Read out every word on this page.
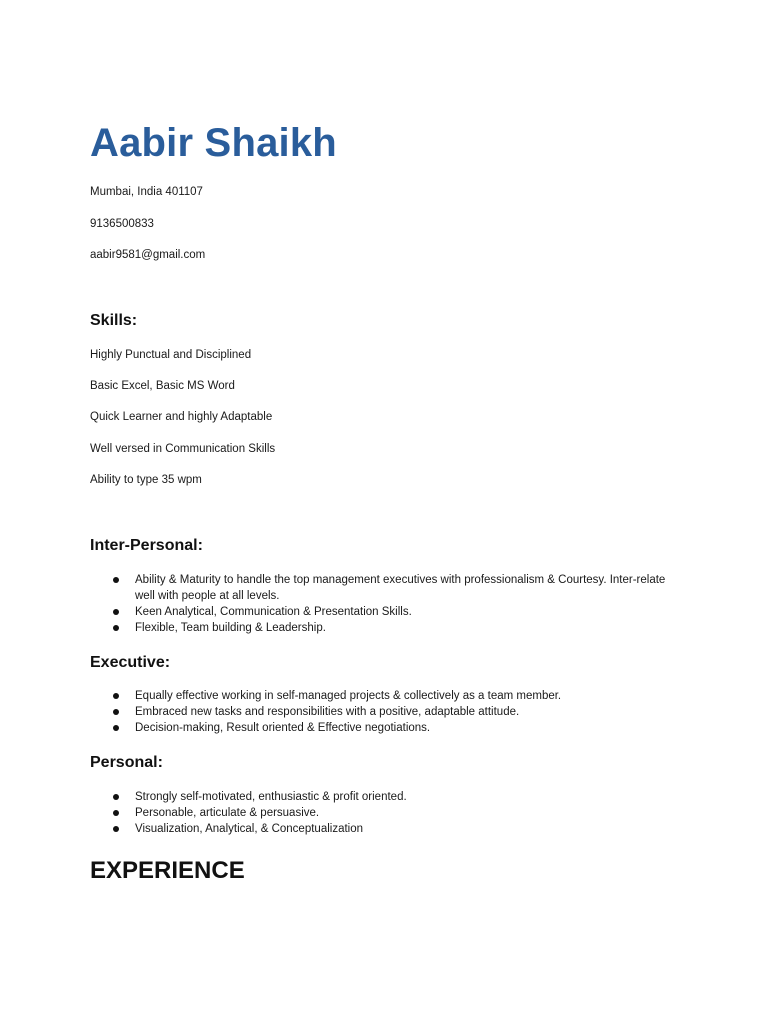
Aabir Shaikh
Mumbai, India 401107
9136500833
aabir9581@gmail.com
Skills:
Highly Punctual and Disciplined
Basic Excel, Basic MS Word
Quick Learner and highly Adaptable
Well versed in Communication Skills
Ability to type 35 wpm
Inter-Personal:
Ability & Maturity to handle the top management executives with professionalism & Courtesy. Inter-relate well with people at all levels.
Keen Analytical, Communication & Presentation Skills.
Flexible, Team building & Leadership.
Executive:
Equally effective working in self-managed projects & collectively as a team member.
Embraced new tasks and responsibilities with a positive, adaptable attitude.
Decision-making, Result oriented & Effective negotiations.
Personal:
Strongly self-motivated, enthusiastic & profit oriented.
Personable, articulate & persuasive.
Visualization, Analytical, & Conceptualization
EXPERIENCE
